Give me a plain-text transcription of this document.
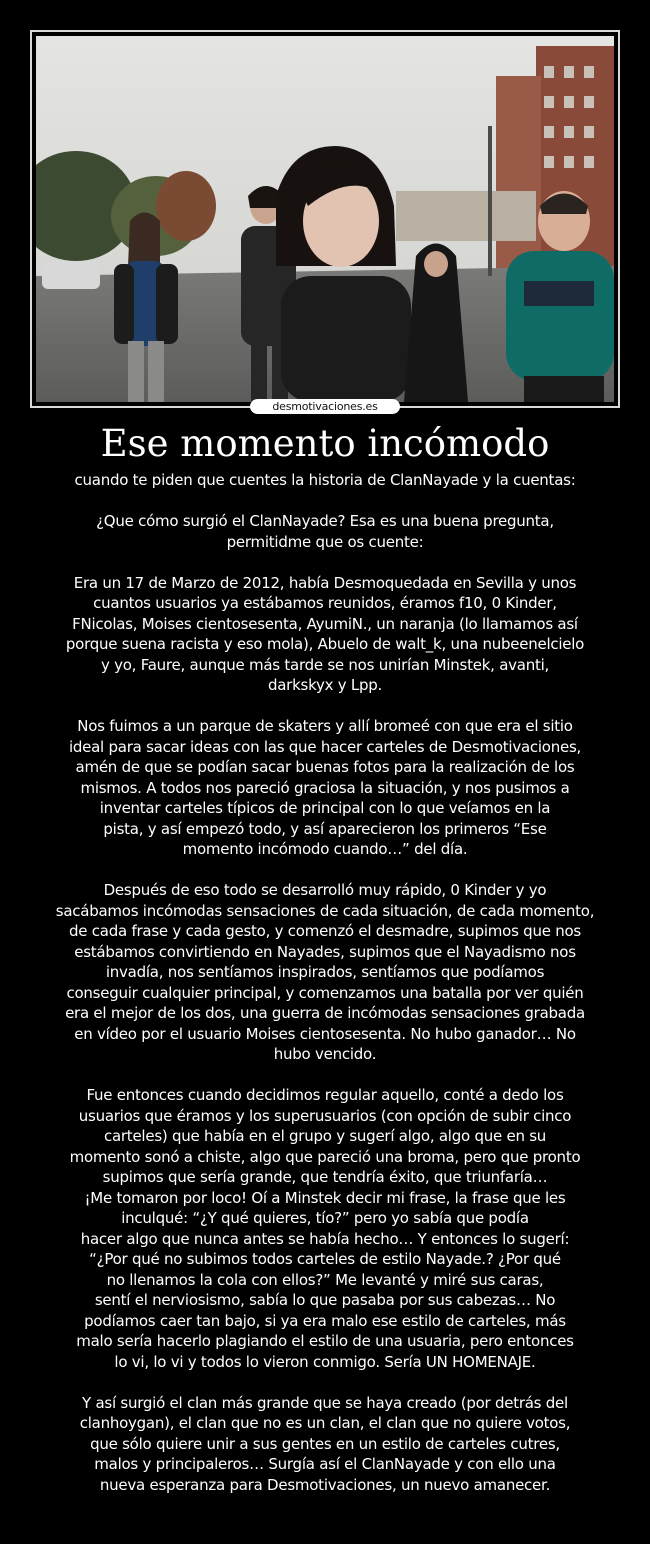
desmotivaciones.es
Ese momento incómodo

cuando te piden que cuentes la historia de ClanNayade y la cuentas:

¿Que cómo surgió el ClanNayade? Esa es una buena pregunta,
permitidme que os cuente:

Era un 17 de Marzo de 2012, había Desmoquedada en Sevilla y unos
cuantos usuarios ya estábamos reunidos, éramos f10, 0 Kinder,
FNicolas, Moises cientosesenta, AyumiN., un naranja (lo llamamos así
porque suena racista y eso mola), Abuelo de walt_k, una nubeenelcielo
y yo, Faure, aunque más tarde se nos unirían Minstek, avanti,
darkskyx y Lpp.

Nos fuimos a un parque de skaters y allí bromeé con que era el sitio
ideal para sacar ideas con las que hacer carteles de Desmotivaciones,
amén de que se podían sacar buenas fotos para la realización de los
mismos. A todos nos pareció graciosa la situación, y nos pusimos a
inventar carteles típicos de principal con lo que veíamos en la
pista, y así empezó todo, y así aparecieron los primeros “Ese
momento incómodo cuando…” del día.

Después de eso todo se desarrolló muy rápido, 0 Kinder y yo
sacábamos incómodas sensaciones de cada situación, de cada momento,
de cada frase y cada gesto, y comenzó el desmadre, supimos que nos
estábamos convirtiendo en Nayades, supimos que el Nayadismo nos
invadía, nos sentíamos inspirados, sentíamos que podíamos
conseguir cualquier principal, y comenzamos una batalla por ver quién
era el mejor de los dos, una guerra de incómodas sensaciones grabada
en vídeo por el usuario Moises cientosesenta. No hubo ganador… No
hubo vencido.

Fue entonces cuando decidimos regular aquello, conté a dedo los
usuarios que éramos y los superusuarios (con opción de subir cinco
carteles) que había en el grupo y sugerí algo, algo que en su
momento sonó a chiste, algo que pareció una broma, pero que pronto
supimos que sería grande, que tendría éxito, que triunfaría…
¡Me tomaron por loco! Oí a Minstek decir mi frase, la frase que les
inculqué: “¿Y qué quieres, tío?” pero yo sabía que podía
hacer algo que nunca antes se había hecho… Y entonces lo sugerí:
“¿Por qué no subimos todos carteles de estilo Nayade.? ¿Por qué
no llenamos la cola con ellos?” Me levanté y miré sus caras,
sentí el nerviosismo, sabía lo que pasaba por sus cabezas… No
podíamos caer tan bajo, si ya era malo ese estilo de carteles, más
malo sería hacerlo plagiando el estilo de una usuaria, pero entonces
lo vi, lo vi y todos lo vieron conmigo. Sería UN HOMENAJE.

Y así surgió el clan más grande que se haya creado (por detrás del
clanhoygan), el clan que no es un clan, el clan que no quiere votos,
que sólo quiere unir a sus gentes en un estilo de carteles cutres,
malos y principaleros… Surgía así el ClanNayade y con ello una
nueva esperanza para Desmotivaciones, un nuevo amanecer.
